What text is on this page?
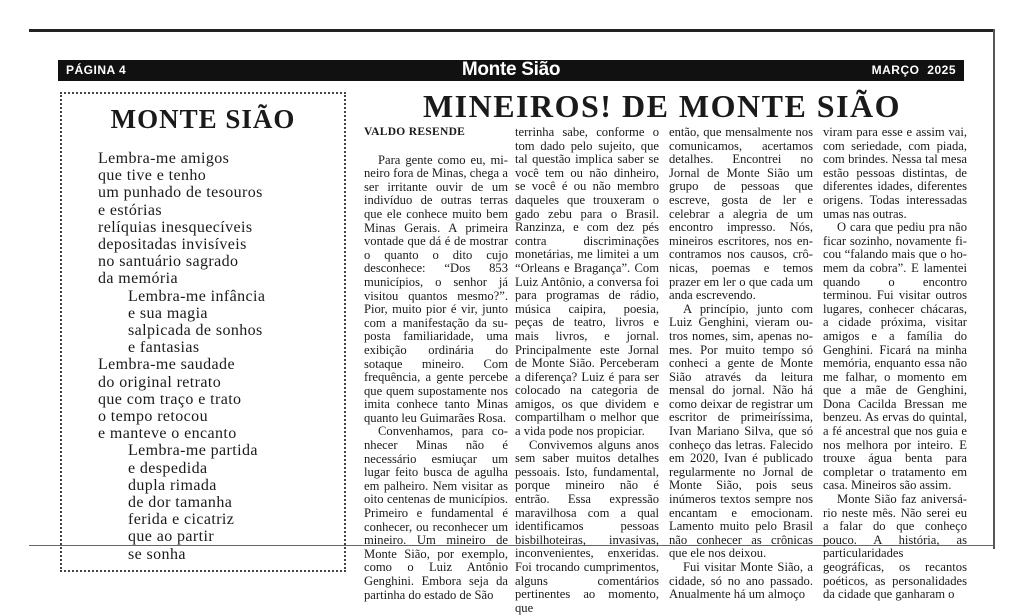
PÁGINA 4	Monte Sião	MARÇO 2025
MONTE SIÃO
Lembra-me amigos
que tive e tenho
um punhado de tesouros
e estórias
relíquias inesquecíveis
depositadas invisíveis
no santuário sagrado
da memória
Lembra-me infância
e sua magia
salpicada de sonhos
e fantasias
Lembra-me saudade
do original retrato
que com traço e trato
o tempo retocou
e manteve o encanto
Lembra-me partida
e despedida
dupla rimada
de dor tamanha
ferida e cicatriz
que ao partir
se sonha
MINEIROS! DE MONTE SIÃO
VALDO RESENDE

Para gente como eu, mineiro fora de Minas, chega a ser irritante ouvir de um indivíduo de outras terras que ele conhece muito bem Minas Gerais. A primeira vontade que dá é de mostrar o quanto o dito cujo desconhece: “Dos 853 municípios, o senhor já visitou quantos mesmo?”. Pior, muito pior é vir, junto com a manifestação da suposta familiaridade, uma exibição ordinária do sotaque mineiro. Com frequência, a gente percebe que quem supostamente nos imita conhece tanto Minas quanto leu Guimarães Rosa.

Convenhamos, para conhecer Minas não é necessário esmiuçar um lugar feito busca de agulha em palheiro. Nem visitar as oito centenas de municípios. Primeiro e fundamental é conhecer, ou reconhecer um mineiro. Um mineiro de Monte Sião, por exemplo, como o Luiz Antônio Genghini. Embora seja da partinha do estado de São

terrinha sabe, conforme o tom dado pelo sujeito, que tal questão implica saber se você tem ou não dinheiro, se você é ou não membro daqueles que trouxeram o gado zebu para o Brasil. Ranzinza, e com dez pés contra discriminações monetárias, me limitei a um “Orleans e Bragança”. Com Luiz Antônio, a conversa foi para programas de rádio, música caipira, poesia, peças de teatro, livros e mais livros, e jornal. Principalmente este Jornal de Monte Sião. Perceberam a diferença? Luiz é para ser colocado na categoria de amigos, os que dividem e compartilham o melhor que a vida pode nos propiciar.

Convivemos alguns anos sem saber muitos detalhes pessoais. Isto, fundamental, porque mineiro não é entrão. Essa expressão maravilhosa com a qual identificamos pessoas bisbilhoteiras, invasivas, inconvenientes, enxeridas. Foi trocando cumprimentos, alguns comentários pertinentes ao momento, que

então, que mensalmente nos comunicamos, acertamos detalhes. Encontrei no Jornal de Monte Sião um grupo de pessoas que escreve, gosta de ler e celebrar a alegria de um encontro impresso. Nós, mineiros escritores, nos encontramos nos causos, crônicas, poemas e temos prazer em ler o que cada um anda escrevendo.

A princípio, junto com Luiz Genghini, vieram outros nomes, sim, apenas nomes. Por muito tempo só conheci a gente de Monte Sião através da leitura mensal do jornal. Não há como deixar de registrar um escritor de primeiríssima, Ivan Mariano Silva, que só conheço das letras. Falecido em 2020, Ivan é publicado regularmente no Jornal de Monte Sião, pois seus inúmeros textos sempre nos encantam e emocionam. Lamento muito pelo Brasil não conhecer as crônicas que ele nos deixou.

Fui visitar Monte Sião, a cidade, só no ano passado. Anualmente há um almoço

viram para esse e assim vai, com seriedade, com piada, com brindes. Nessa tal mesa estão pessoas distintas, de diferentes idades, diferentes origens. Todas interessadas umas nas outras.

O cara que pediu pra não ficar sozinho, novamente ficou “falando mais que o homem da cobra”. E lamentei quando o encontro terminou. Fui visitar outros lugares, conhecer chácaras, a cidade próxima, visitar amigos e a família do Genghini. Ficará na minha memória, enquanto essa não me falhar, o momento em que a mãe de Genghini, Dona Cacilda Bressan me benzeu. As ervas do quintal, a fé ancestral que nos guia e nos melhora por inteiro. E trouxe água benta para completar o tratamento em casa. Mineiros são assim.

Monte Sião faz aniversário neste mês. Não serei eu a falar do que conheço pouco. A história, as particularidades geográficas, os recantos poéticos, as personalidades da cidade que ganharam o
